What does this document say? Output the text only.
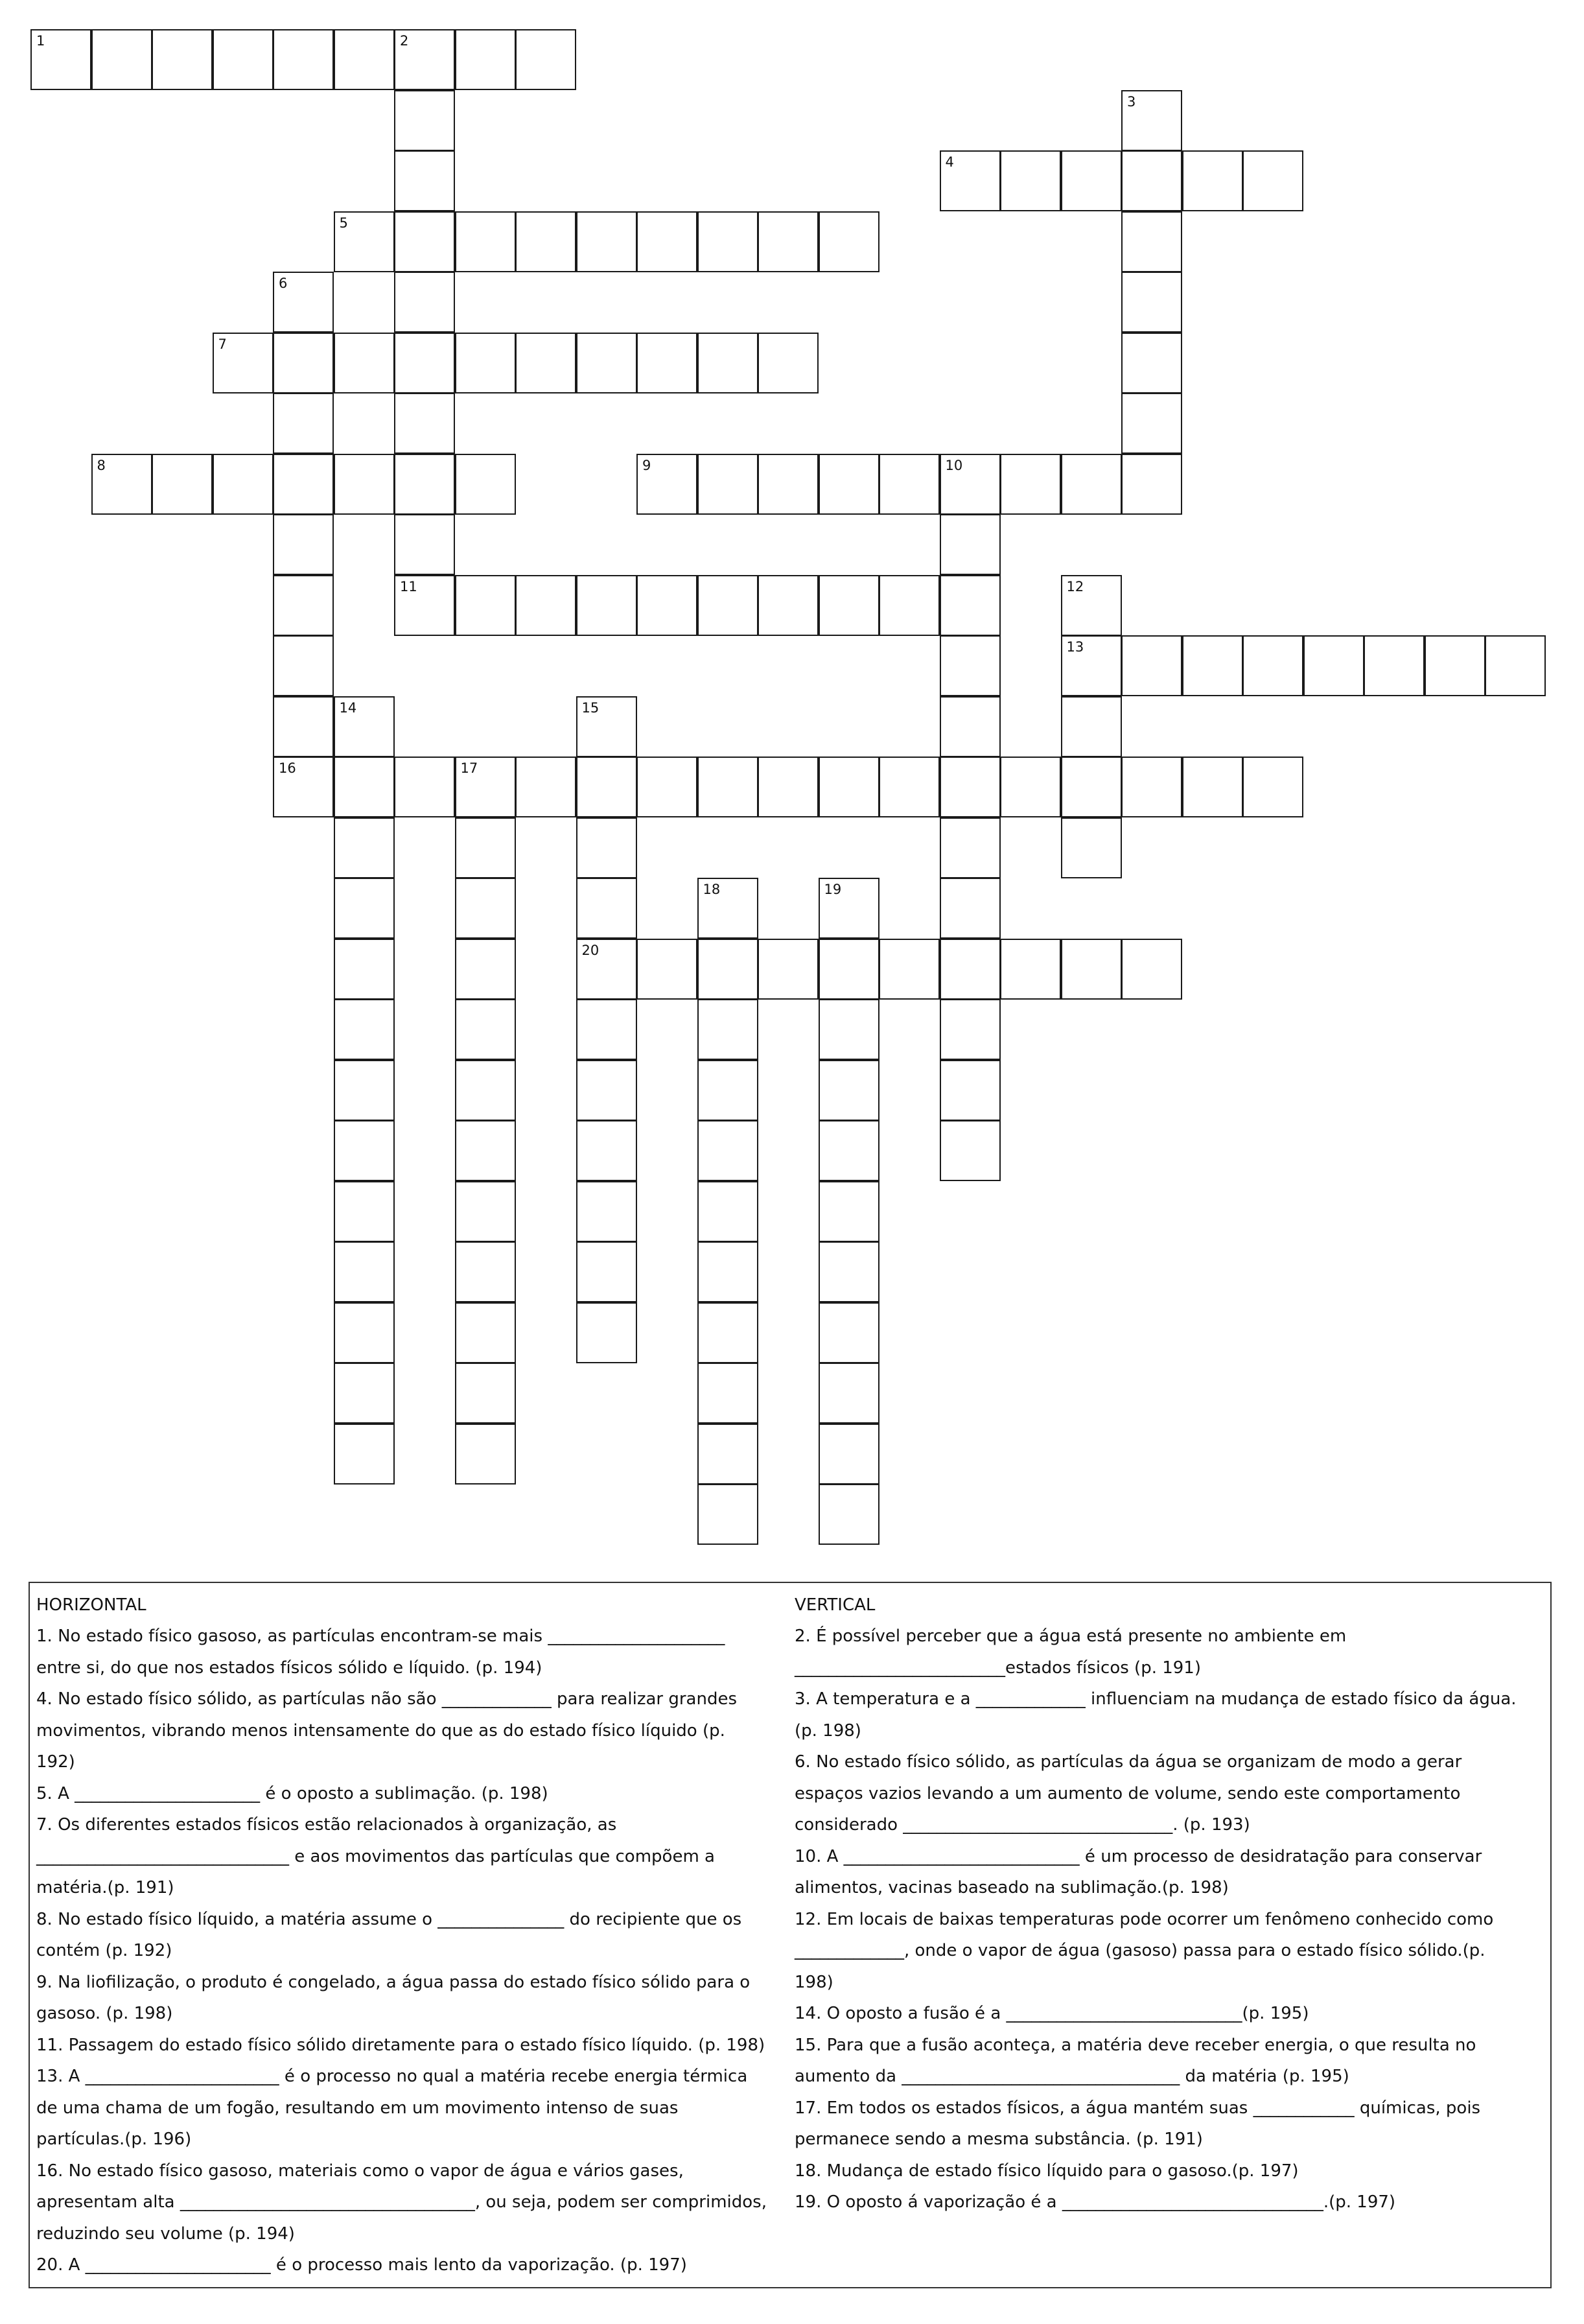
1	2
3
4
5
6
7
8	9	10
11	12
13
14	15
20
16	17
18	19
HORIZONTAL

1. No estado físico gasoso, as partículas encontram-se mais _____________________ entre si, do que nos estados físicos sólido e líquido. (p. 194)

4. No estado físico sólido, as partículas não são _____________ para realizar grandes movimentos, vibrando menos intensamente do que as do estado físico líquido (p. 192)

5. A ______________________ é o oposto a sublimação. (p. 198)

7. Os diferentes estados físicos estão relacionados à organização, as ______________________________ e aos movimentos das partículas que compõem a matéria.(p. 191)

8. No estado físico líquido, a matéria assume o _______________ do recipiente que os contém (p. 192)

9. Na liofilização, o produto é congelado, a água passa do estado físico sólido para o gasoso. (p. 198)

11. Passagem do estado físico sólido diretamente para o estado físico líquido. (p. 198)

13. A _______________________ é o processo no qual a matéria recebe energia térmica de uma chama de um fogão, resultando em um movimento intenso de suas partículas.(p. 196)

16. No estado físico gasoso, materiais como o vapor de água e vários gases, apresentam alta ___________________________________, ou seja, podem ser comprimidos, reduzindo seu volume (p. 194)

20. A ______________________ é o processo mais lento da vaporização. (p. 197)

VERTICAL

2. É possível perceber que a água está presente no ambiente em _________________________estados físicos (p. 191)

3. A temperatura e a _____________ influenciam na mudança de estado físico da água.(p. 198)

6. No estado físico sólido, as partículas da água se organizam de modo a gerar espaços vazios levando a um aumento de volume, sendo este comportamento considerado ________________________________. (p. 193)

10. A ____________________________ é um processo de desidratação para conservar alimentos, vacinas baseado na sublimação.(p. 198)

12. Em locais de baixas temperaturas pode ocorrer um fenômeno conhecido como _____________, onde o vapor de água (gasoso) passa para o estado físico sólido.(p. 198)

14. O oposto a fusão é a ____________________________(p. 195)

15. Para que a fusão aconteça, a matéria deve receber energia, o que resulta no aumento da _________________________________ da matéria (p. 195)

17. Em todos os estados físicos, a água mantém suas ____________ químicas, pois permanece sendo a mesma substância. (p. 191)

18. Mudança de estado físico líquido para o gasoso.(p. 197)

19. O oposto á vaporização é a _______________________________.(p. 197)
